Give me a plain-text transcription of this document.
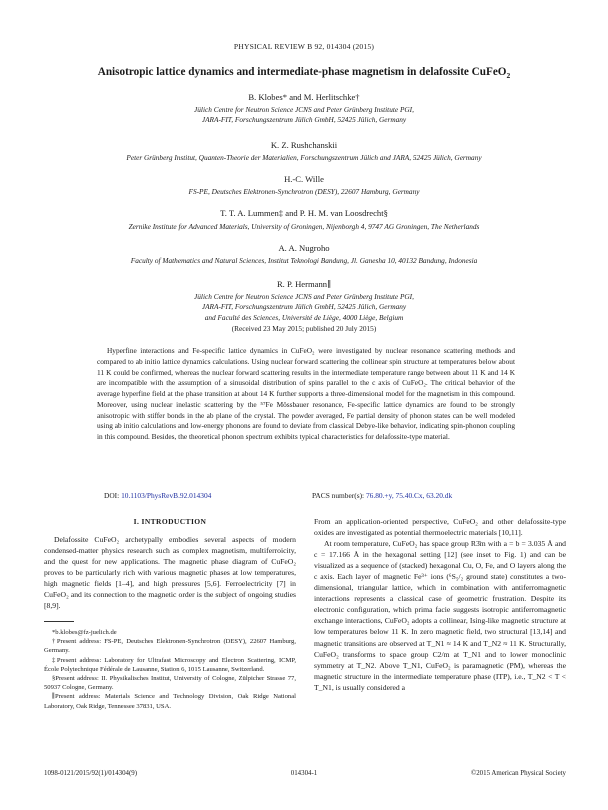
PHYSICAL REVIEW B 92, 014304 (2015)
Anisotropic lattice dynamics and intermediate-phase magnetism in delafossite CuFeO$_2$
B. Klobes* and M. Herlitschke†
Jülich Centre for Neutron Science JCNS and Peter Grünberg Institute PGI,
JARA-FIT, Forschungszentrum Jülich GmbH, 52425 Jülich, Germany
K. Z. Rushchanskii
Peter Grünberg Institut, Quanten-Theorie der Materialien, Forschungszentrum Jülich and JARA, 52425 Jülich, Germany
H.-C. Wille
FS-PE, Deutsches Elektronen-Synchrotron (DESY), 22607 Hamburg, Germany
T. T. A. Lummen‡ and P. H. M. van Loosdrecht§
Zernike Institute for Advanced Materials, University of Groningen, Nijenborgh 4, 9747 AG Groningen, The Netherlands
A. A. Nugroho
Faculty of Mathematics and Natural Sciences, Institut Teknologi Bandung, Jl. Ganesha 10, 40132 Bandung, Indonesia
R. P. Hermann∥
Jülich Centre for Neutron Science JCNS and Peter Grünberg Institute PGI,
JARA-FIT, Forschungszentrum Jülich GmbH, 52425 Jülich, Germany
and Faculté des Sciences, Université de Liège, 4000 Liège, Belgium
(Received 23 May 2015; published 20 July 2015)
Hyperfine interactions and Fe-specific lattice dynamics in CuFeO₂ were investigated by nuclear resonance scattering methods and compared to ab initio lattice dynamics calculations. Using nuclear forward scattering the collinear spin structure at temperatures below about 11 K could be confirmed, whereas the nuclear forward scattering results in the intermediate temperature range between about 11 K and 14 K are incompatible with the assumption of a sinusoidal distribution of spins parallel to the c axis of CuFeO₂. The critical behavior of the average hyperfine field at the phase transition at about 14 K further supports a three-dimensional model for the magnetism in this compound. Moreover, using nuclear inelastic scattering by the ⁵⁷Fe Mössbauer resonance, Fe-specific lattice dynamics are found to be strongly anisotropic with stiffer bonds in the ab plane of the crystal. The powder averaged, Fe partial density of phonon states can be well modeled using ab initio calculations and low-energy phonons are found to deviate from classical Debye-like behavior, indicating spin-phonon coupling in this compound. Besides, the theoretical phonon spectrum exhibits typical characteristics for delafossite-type material.
DOI: 10.1103/PhysRevB.92.014304	PACS number(s): 76.80.+y, 75.40.Cx, 63.20.dk
I. INTRODUCTION
Delafossite CuFeO₂ archetypally embodies several aspects of modern condensed-matter physics research such as complex magnetism, multiferroicity, and the quest for new applications. The magnetic phase diagram of CuFeO₂ proves to be particularly rich with various magnetic phases at low temperatures, high magnetic fields [1–4], and high pressures [5,6]. Ferroelectricity [7] in CuFeO₂ and its connection to the magnetic order is the subject of ongoing studies [8,9].
*b.klobes@fz-juelich.de
†Present address: FS-PE, Deutsches Elektronen-Synchrotron (DESY), 22607 Hamburg, Germany.
‡Present address: Laboratory for Ultrafast Microscopy and Electron Scattering, ICMP, École Polytechnique Fédérale de Lausanne, Station 6, 1015 Lausanne, Switzerland.
§Present address: II. Physikalisches Institut, University of Cologne, Zülpicher Strasse 77, 50937 Cologne, Germany.
∥Present address: Materials Science and Technology Division, Oak Ridge National Laboratory, Oak Ridge, Tennessee 37831, USA.

From an application-oriented perspective, CuFeO₂ and other delafossite-type oxides are investigated as potential thermoelectric materials [10,11].

At room temperature, CuFeO₂ has space group R3̄m with a = b = 3.035 Å and c = 17.166 Å in the hexagonal setting [12] (see inset to Fig. 1) and can be visualized as a sequence of (stacked) hexagonal Cu, O, Fe, and O layers along the c axis. Each layer of magnetic Fe³⁺ ions (⁶S₅/₂ ground state) constitutes a two-dimensional, triangular lattice, which in combination with antiferromagnetic interactions represents a classical case of geometric frustration. Despite its electronic configuration, which prima facie suggests isotropic antiferromagnetic exchange interactions, CuFeO₂ adopts a collinear, Ising-like magnetic structure at low temperatures below 11 K. In zero magnetic field, two structural [13,14] and magnetic transitions are observed at T_N1 ≈ 14 K and T_N2 ≈ 11 K. Structurally, CuFeO₂ transforms to space group C2/m at T_N1 and to lower monoclinic symmetry at T_N2. Above T_N1, CuFeO₂ is paramagnetic (PM), whereas the magnetic structure in the intermediate temperature phase (ITP), i.e., T_N2 < T < T_N1, is usually considered a

1098-0121/2015/92(1)/014304(9)	014304-1	©2015 American Physical Society
